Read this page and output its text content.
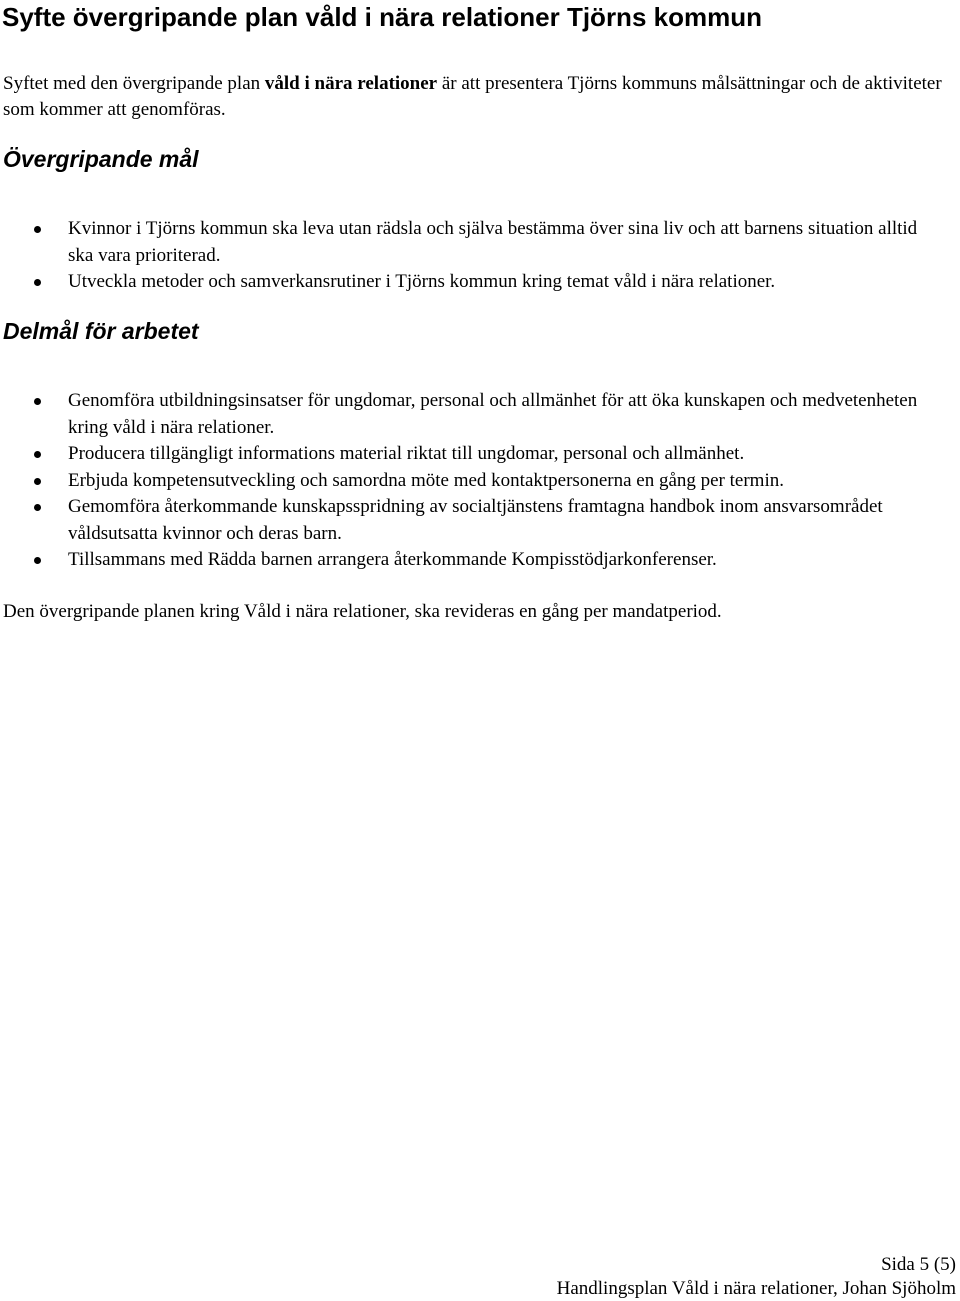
Syfte övergripande plan våld i nära relationer Tjörns kommun

Syftet med den övergripande plan våld i nära relationer är att presentera Tjörns kommuns målsättningar och de aktiviteter som kommer att genomföras.

Övergripande mål
Kvinnor i Tjörns kommun ska leva utan rädsla och själva bestämma över sina liv och att barnens situation alltid ska vara prioriterad.
Utveckla metoder och samverkansrutiner i Tjörns kommun kring temat våld i nära relationer.
Delmål för arbetet
Genomföra utbildningsinsatser för ungdomar, personal och allmänhet för att öka kunskapen och medvetenheten kring våld i nära relationer.
Producera tillgängligt informations material riktat till ungdomar, personal och allmänhet.
Erbjuda kompetensutveckling och samordna möte med kontaktpersonerna en gång per termin.
Gemomföra återkommande kunskapsspridning av socialtjänstens framtagna handbok inom ansvarsområdet våldsutsatta kvinnor och deras barn.
Tillsammans med Rädda barnen arrangera återkommande Kompisstödjarkonferenser.

Den övergripande planen kring Våld i nära relationer, ska revideras en gång per mandatperiod.

Sida 5 (5)

Handlingsplan Våld i nära relationer, Johan Sjöholm
